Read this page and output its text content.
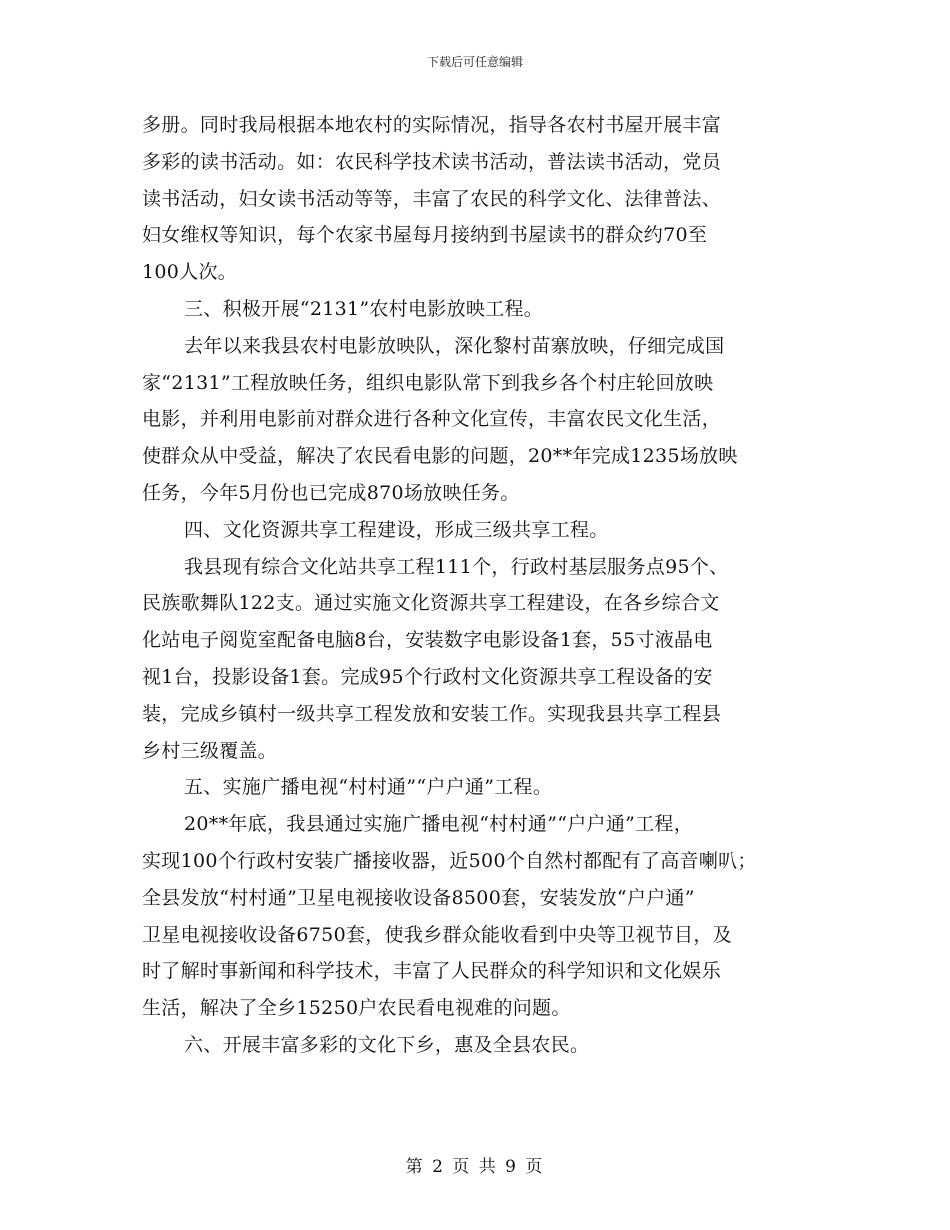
下载后可任意编辑
多册。同时我局根据本地农村的实际情况，指导各农村书屋开展丰富
多彩的读书活动。如：农民科学技术读书活动，普法读书活动，党员
读书活动，妇女读书活动等等，丰富了农民的科学文化、法律普法、
妇女维权等知识，每个农家书屋每月接纳到书屋读书的群众约70至
100人次。
三、积极开展“2131”农村电影放映工程。
去年以来我县农村电影放映队，深化黎村苗寨放映，仔细完成国
家“2131”工程放映任务，组织电影队常下到我乡各个村庄轮回放映
电影，并利用电影前对群众进行各种文化宣传，丰富农民文化生活，
使群众从中受益，解决了农民看电影的问题，20**年完成1235场放映
任务，今年5月份也已完成870场放映任务。
四、文化资源共享工程建设，形成三级共享工程。
我县现有综合文化站共享工程111个，行政村基层服务点95个、
民族歌舞队122支。通过实施文化资源共享工程建设，在各乡综合文
化站电子阅览室配备电脑8台，安装数字电影设备1套，55寸液晶电
视1台，投影设备1套。完成95个行政村文化资源共享工程设备的安
装，完成乡镇村一级共享工程发放和安装工作。实现我县共享工程县
乡村三级覆盖。
五、实施广播电视“村村通”“户户通”工程。
20**年底，我县通过实施广播电视“村村通”“户户通”工程，
实现100个行政村安装广播接收器，近500个自然村都配有了高音喇叭；
全县发放“村村通”卫星电视接收设备8500套，安装发放“户户通”
卫星电视接收设备6750套，使我乡群众能收看到中央等卫视节目，及
时了解时事新闻和科学技术，丰富了人民群众的科学知识和文化娱乐
生活，解决了全乡15250户农民看电视难的问题。
六、开展丰富多彩的文化下乡，惠及全县农民。
第 2 页 共 9 页
